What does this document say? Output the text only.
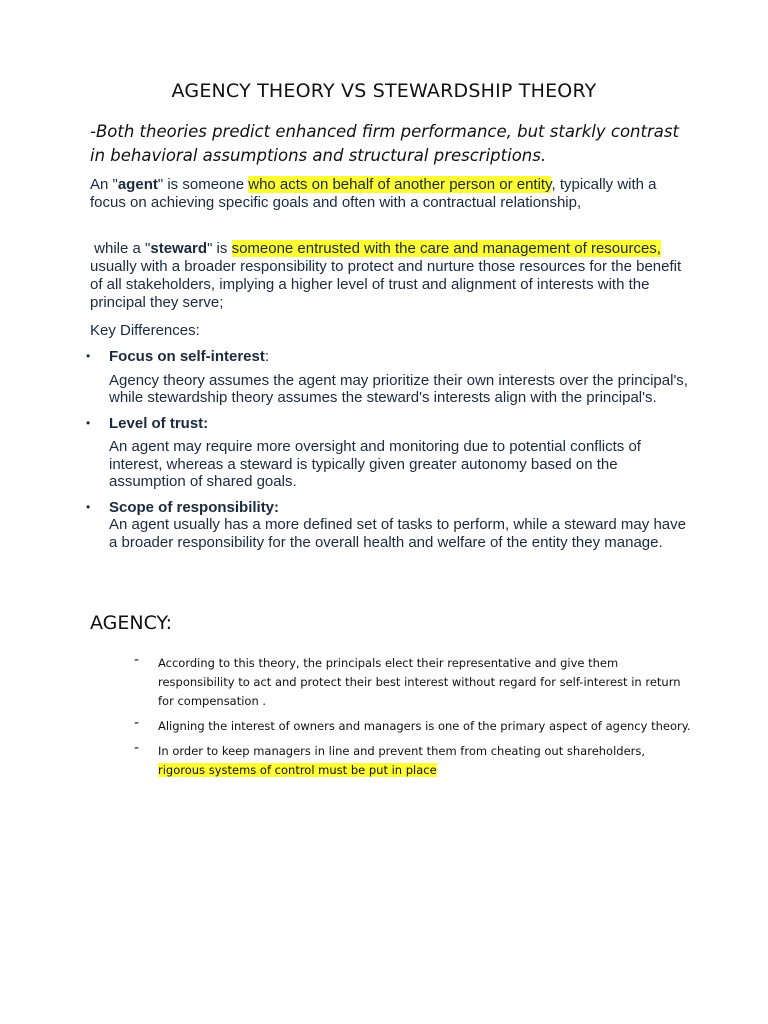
AGENCY THEORY VS STEWARDSHIP THEORY
-Both theories predict enhanced firm performance, but starkly contrast in behavioral assumptions and structural prescriptions.
An "agent" is someone who acts on behalf of another person or entity, typically with a focus on achieving specific goals and often with a contractual relationship,
while a "steward" is someone entrusted with the care and management of resources, usually with a broader responsibility to protect and nurture those resources for the benefit of all stakeholders, implying a higher level of trust and alignment of interests with the principal they serve;
Key Differences:
• Focus on self-interest:
Agency theory assumes the agent may prioritize their own interests over the principal's, while stewardship theory assumes the steward's interests align with the principal's.
• Level of trust:
An agent may require more oversight and monitoring due to potential conflicts of interest, whereas a steward is typically given greater autonomy based on the assumption of shared goals.
• Scope of responsibility:
An agent usually has a more defined set of tasks to perform, while a steward may have a broader responsibility for the overall health and welfare of the entity they manage.
AGENCY:
- According to this theory, the principals elect their representative and give them responsibility to act and protect their best interest without regard for self-interest in return for compensation .
- Aligning the interest of owners and managers is one of the primary aspect of agency theory.
- In order to keep managers in line and prevent them from cheating out shareholders, rigorous systems of control must be put in place
